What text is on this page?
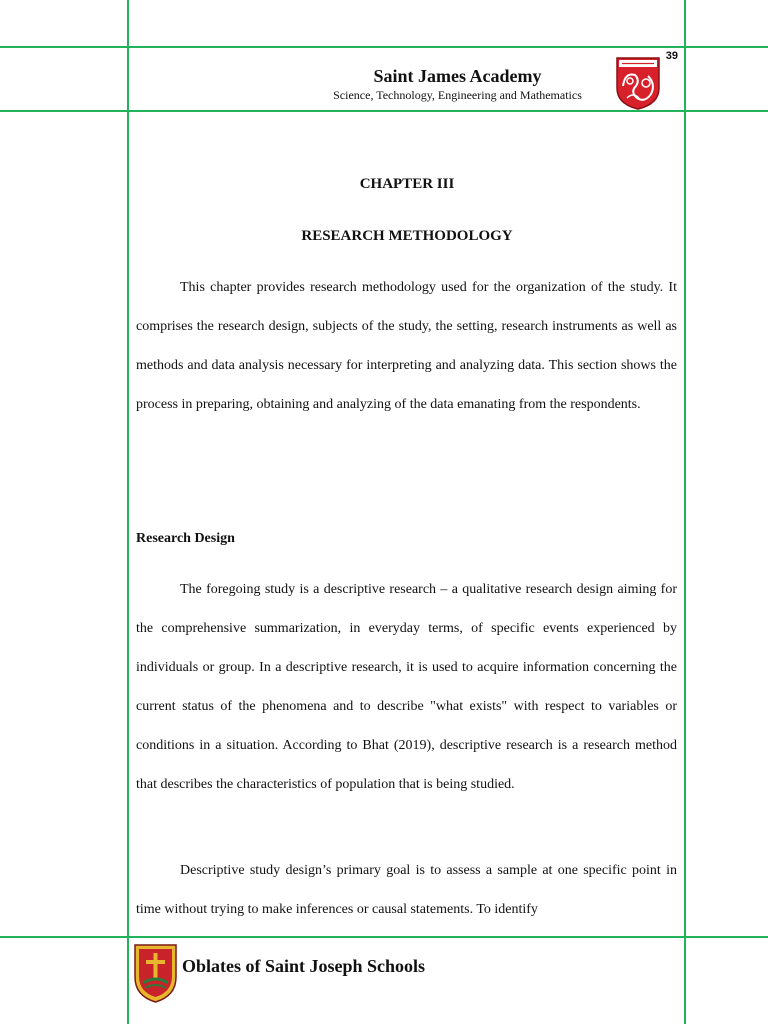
39
Saint James Academy
Science, Technology, Engineering and Mathematics
CHAPTER III
RESEARCH METHODOLOGY

This chapter provides research methodology used for the organization of the study. It comprises the research design, subjects of the study, the setting, research instruments as well as methods and data analysis necessary for interpreting and analyzing data. This section shows the process in preparing, obtaining and analyzing of the data emanating from the respondents.

Research Design

The foregoing study is a descriptive research – a qualitative research design aiming for the comprehensive summarization, in everyday terms, of specific events experienced by individuals or group. In a descriptive research, it is used to acquire information concerning the current status of the phenomena and to describe "what exists" with respect to variables or conditions in a situation. According to Bhat (2019), descriptive research is a research method that describes the characteristics of population that is being studied.

Descriptive study design’s primary goal is to assess a sample at one specific point in time without trying to make inferences or causal statements. To identify

Oblates of Saint Joseph Schools
